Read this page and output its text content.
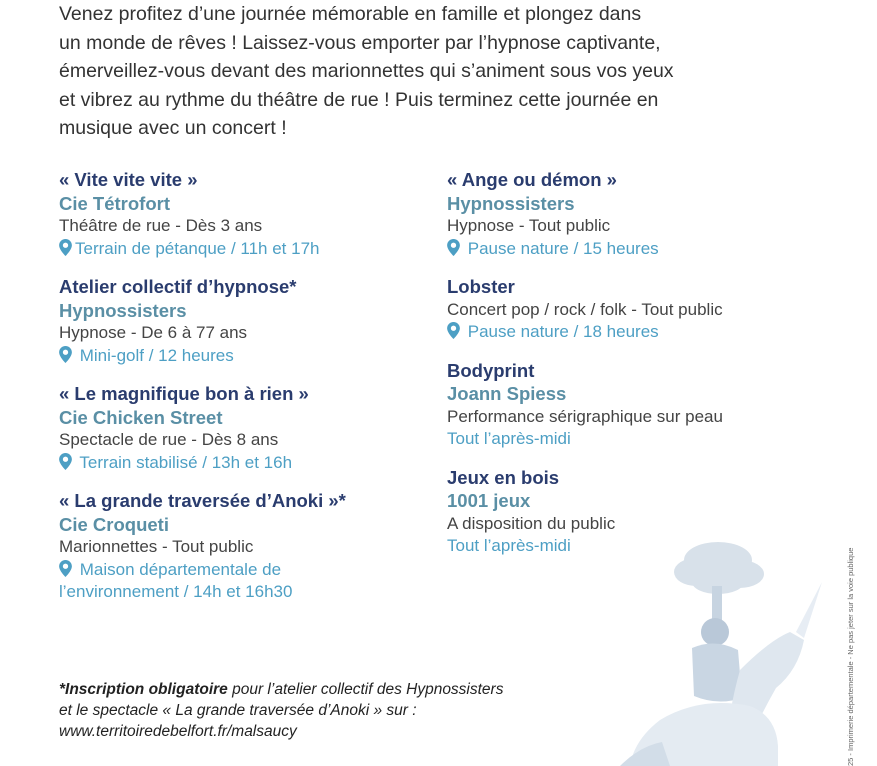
Venez profitez d’une journée mémorable en famille et plongez dans

un monde de rêves ! Laissez-vous emporter par l’hypnose captivante,

émerveillez-vous devant des marionnettes qui s’animent sous vos yeux

et vibrez au rythme du théâtre de rue ! Puis terminez cette journée en

musique avec un concert !

« Vite vite vite »
Cie Tétrofort
Théâtre de rue - Dès 3 ans
Terrain de pétanque / 11h et 17h
Atelier collectif d’hypnose*
Hypnossisters
Hypnose - De 6 à 77 ans
Mini-golf / 12 heures
« Le magnifique bon à rien »
Cie Chicken Street
Spectacle de rue - Dès 8 ans
Terrain stabilisé / 13h et 16h
« La grande traversée d’Anoki »*
Cie Croqueti
Marionnettes - Tout public
Maison départementale de
l’environnement / 14h et 16h30
« Ange ou démon »
Hypnossisters
Hypnose - Tout public
Pause nature / 15 heures
Lobster
Concert pop / rock / folk - Tout public
Pause nature / 18 heures
Bodyprint
Joann Spiess
Performance sérigraphique sur peau
Tout l’après-midi
Jeux en bois
1001 jeux
A disposition du public
Tout l’après-midi
*Inscription obligatoire pour l’atelier collectif des Hypnossisters
et le spectacle « La grande traversée d’Anoki » sur :
www.territoiredebelfort.fr/malsaucy	25 - Imprimerie départementale - Ne pas jeter sur la voie publique
